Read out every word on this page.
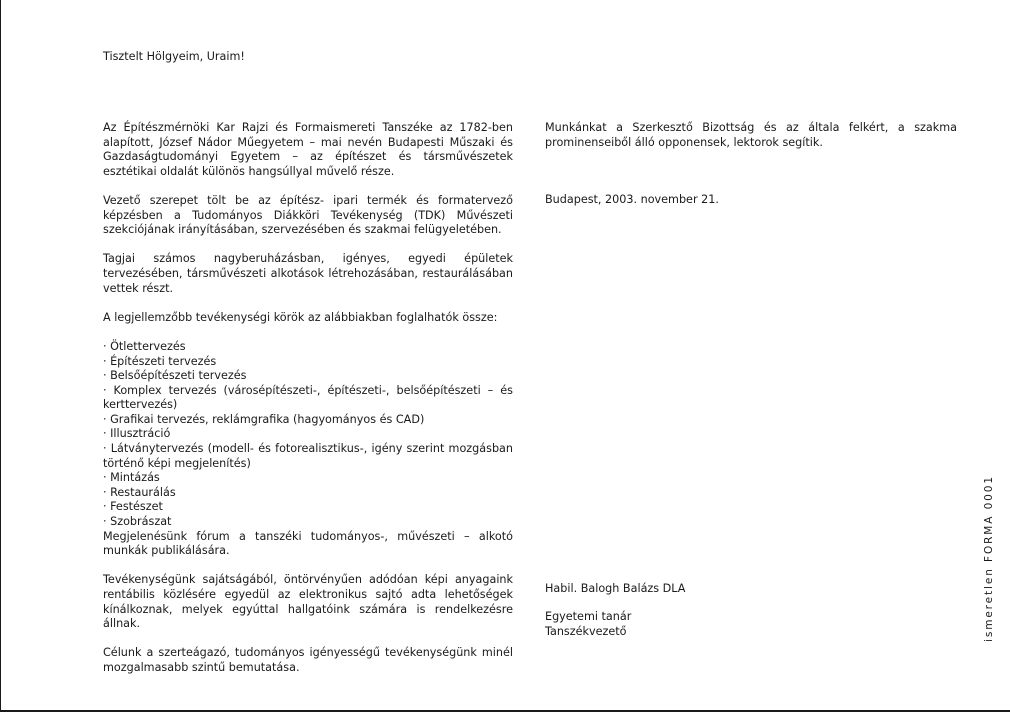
Tisztelt Hölgyeim, Uraim!

Az Építészmérnöki Kar Rajzi és Formaismereti Tanszéke az 1782-ben alapított, József Nádor Műegyetem – mai nevén Budapesti Műszaki és Gazdaságtudományi Egyetem – az építészet és társművészetek esztétikai oldalát különös hangsúllyal művelő része.

Vezető szerepet tölt be az építész- ipari termék és formatervező képzésben a Tudományos Diákköri Tevékenység (TDK) Művészeti szekciójának irányításában, szervezésében és szakmai felügyeletében.

Tagjai számos nagyberuházásban, igényes, egyedi épületek tervezésében, társművészeti alkotások létrehozásában, restaurálásában vettek részt.

A legjellemzőbb tevékenységi körök az alábbiakban foglalhatók össze:

· Ötlettervezés
· Építészeti tervezés
· Belsőépítészeti tervezés
· Komplex tervezés (városépítészeti-, építészeti-, belsőépítészeti – és kerttervezés)
· Grafikai tervezés, reklámgrafika (hagyományos és CAD)
· Illusztráció
· Látványtervezés (modell- és fotorealisztikus-, igény szerint mozgásban történő képi megjelenítés)
· Mintázás
· Restaurálás
· Festészet
· Szobrászat

Megjelenésünk fórum a tanszéki tudományos-, művészeti – alkotó munkák publikálására.

Tevékenységünk sajátságából, öntörvényűen adódóan képi anyagaink rentábilis közlésére egyedül az elektronikus sajtó adta lehetőségek kínálkoznak, melyek egyúttal hallgatóink számára is rendelkezésre állnak.

Célunk a szerteágazó, tudományos igényességű tevékenységünk minél mozgalmasabb szintű bemutatása.

Munkánkat a Szerkesztő Bizottság és az általa felkért, a szakma prominenseiből álló opponensek, lektorok segítik.

Budapest, 2003. november 21.
Habil. Balogh Balázs DLA
Egyetemi tanár
Tanszékvezető	ismeretlen FORMA 0001
